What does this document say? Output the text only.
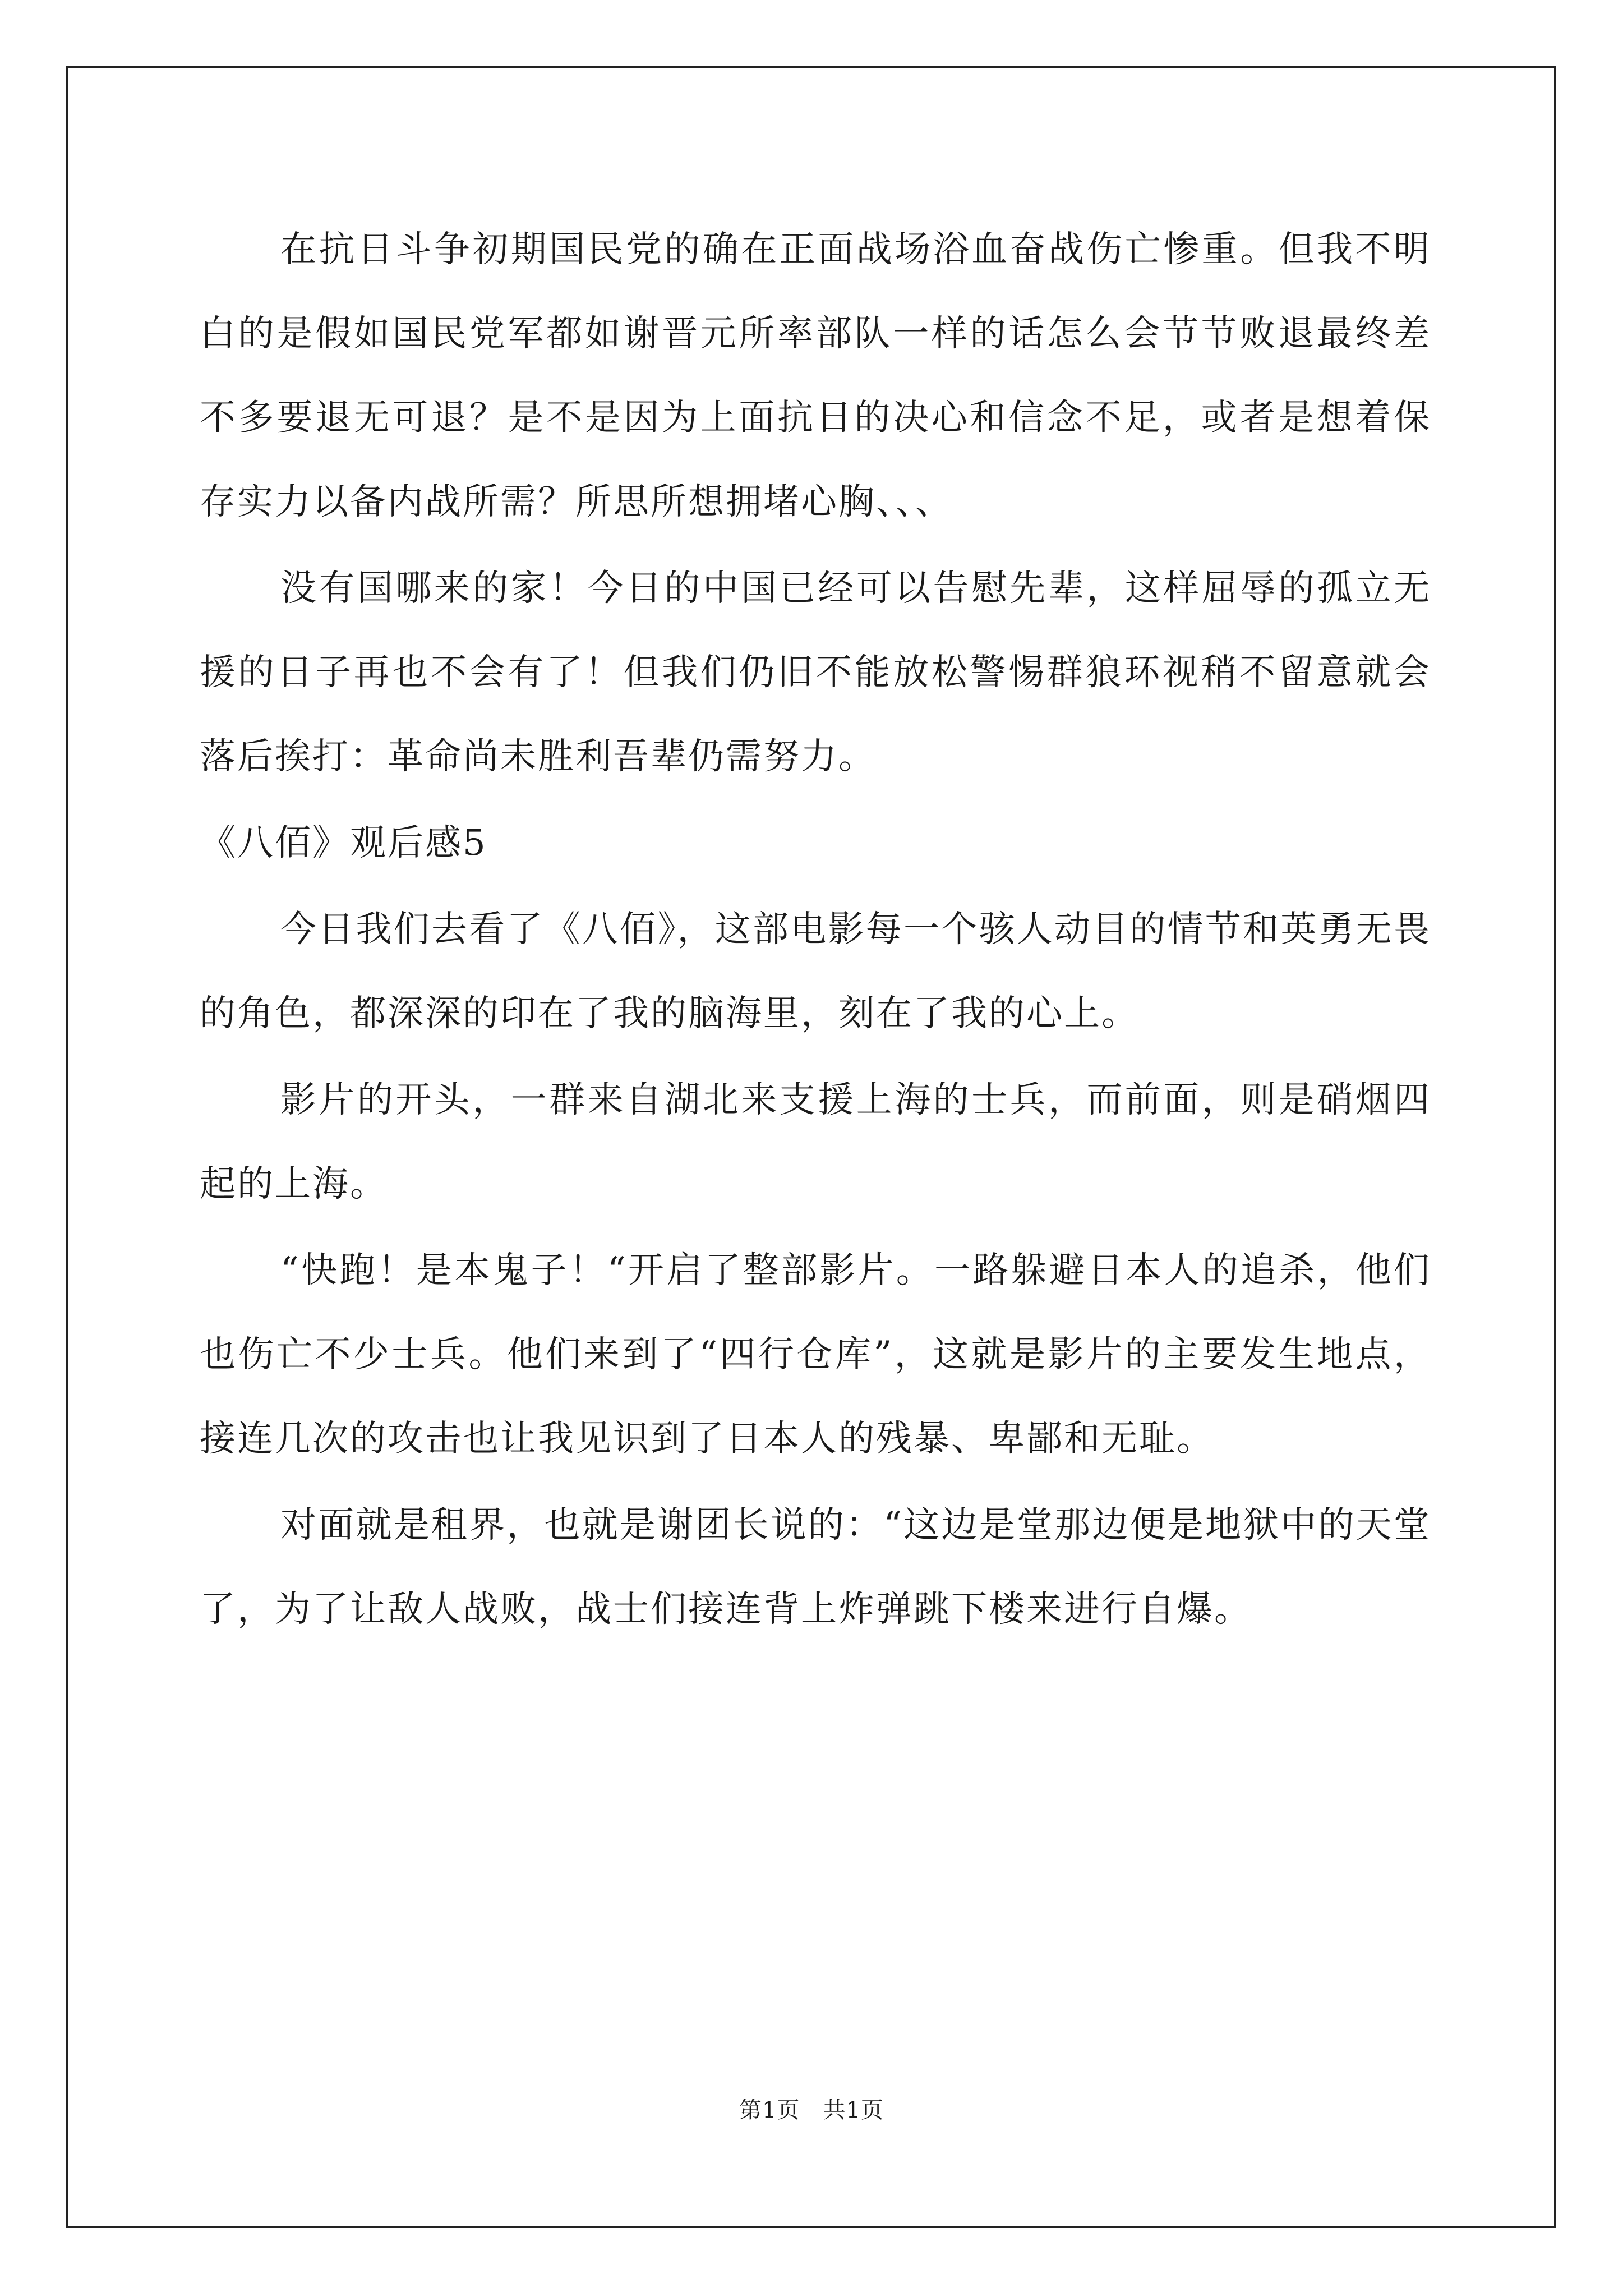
在抗日斗争初期国民党的确在正面战场浴血奋战伤亡惨重。但我不明白的是假如国民党军都如谢晋元所率部队一样的话怎么会节节败退最终差不多要退无可退？是不是因为上面抗日的决心和信念不足，或者是想着保存实力以备内战所需？所思所想拥堵心胸、、、

没有国哪来的家！今日的中国已经可以告慰先辈，这样屈辱的孤立无援的日子再也不会有了！但我们仍旧不能放松警惕群狼环视稍不留意就会落后挨打：革命尚未胜利吾辈仍需努力。

《八佰》观后感5

今日我们去看了《八佰》，这部电影每一个骇人动目的情节和英勇无畏的角色，都深深的印在了我的脑海里，刻在了我的心上。

影片的开头，一群来自湖北来支援上海的士兵，而前面，则是硝烟四起的上海。

“快跑！是本鬼子！“开启了整部影片。一路躲避日本人的追杀，他们也伤亡不少士兵。他们来到了“四行仓库”，这就是影片的主要发生地点，接连几次的攻击也让我见识到了日本人的残暴、卑鄙和无耻。

对面就是租界，也就是谢团长说的：“这边是堂那边便是地狱中的天堂了，为了让敌人战败，战士们接连背上炸弹跳下楼来进行自爆。

第1页　共1页
